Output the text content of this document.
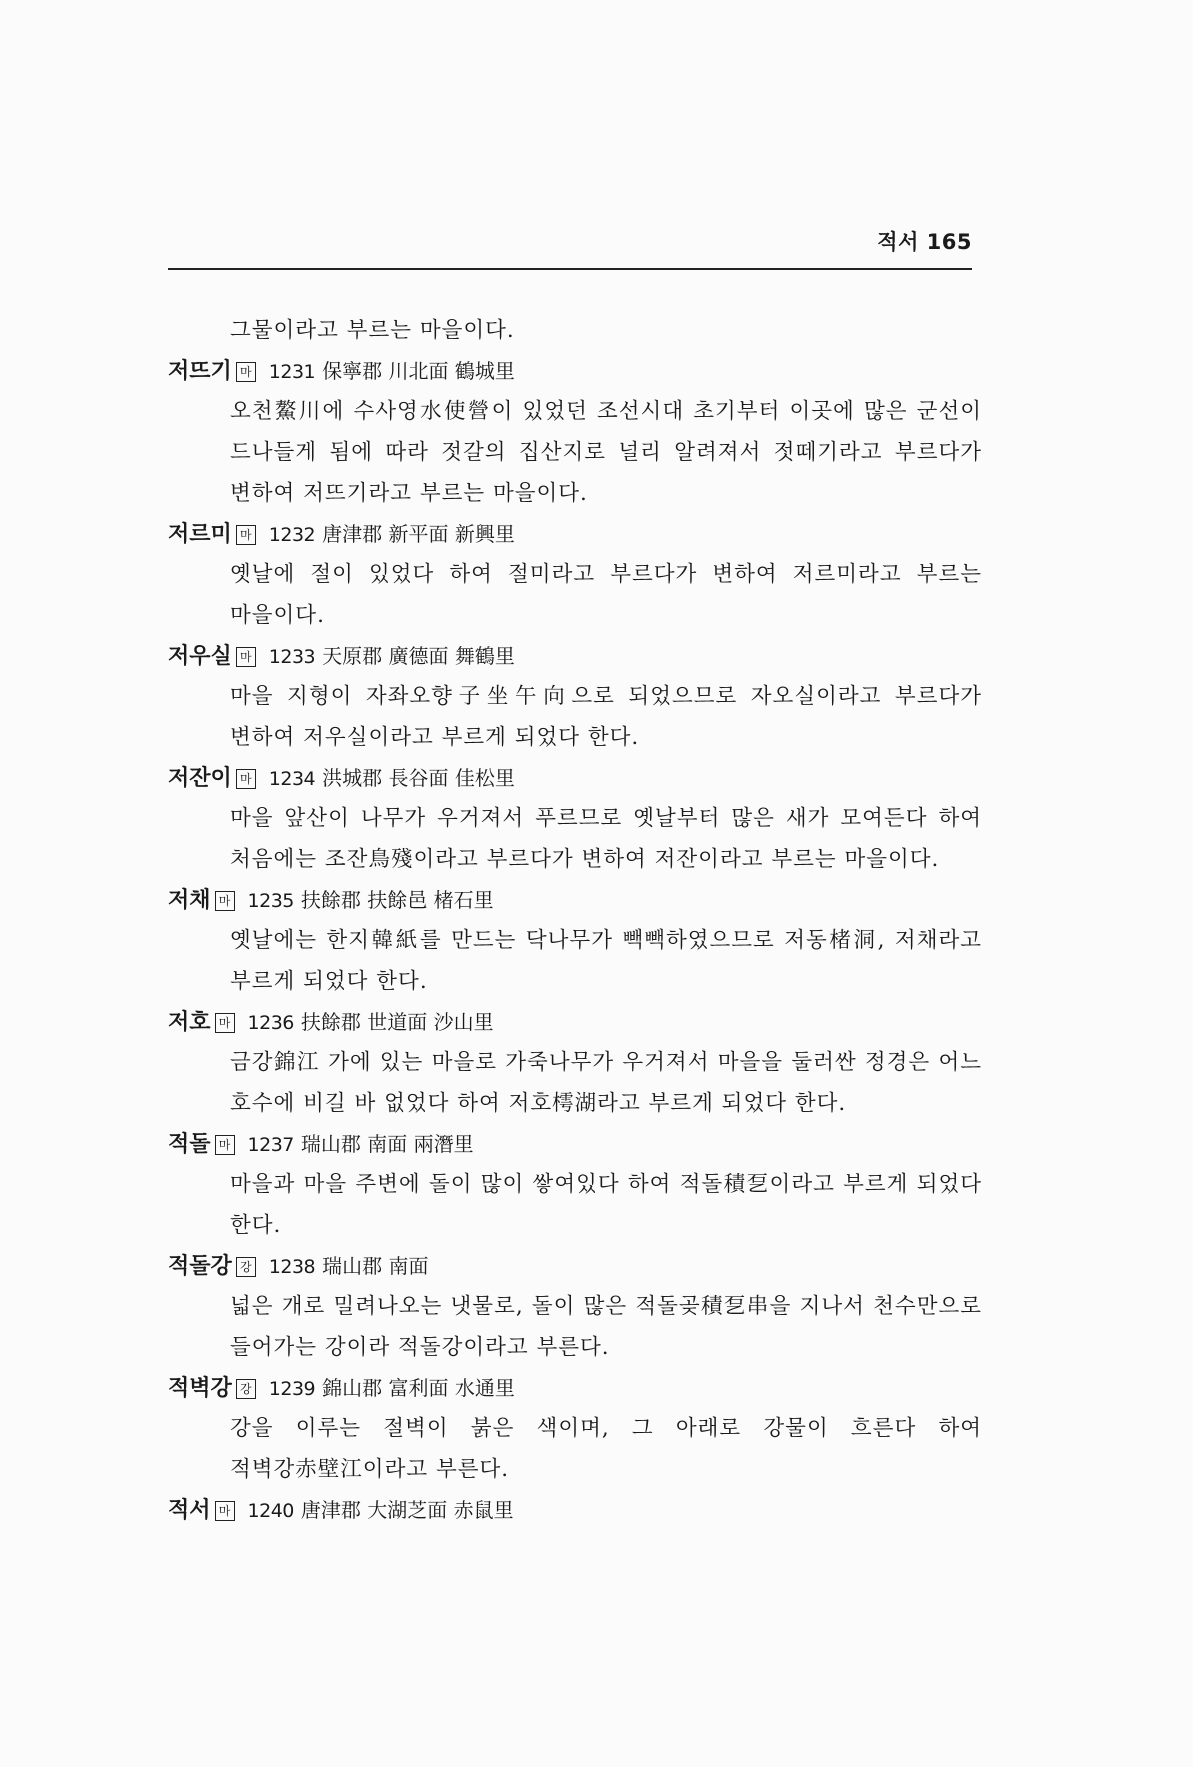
적서 165

그물이라고 부르는 마을이다.

저뜨기 마 1231 保寧郡 川北面 鶴城里

오천鰲川에 수사영水使營이 있었던 조선시대 초기부터 이곳에 많은 군선이 드나들게 됨에 따라 젓갈의 집산지로 널리 알려져서 젓떼기라고 부르다가 변하여 저뜨기라고 부르는 마을이다.

저르미 마 1232 唐津郡 新平面 新興里

옛날에 절이 있었다 하여 절미라고 부르다가 변하여 저르미라고 부르는 마을이다.

저우실 마 1233 天原郡 廣德面 舞鶴里

마을 지형이 자좌오향子坐午向으로 되었으므로 자오실이라고 부르다가 변하여 저우실이라고 부르게 되었다 한다.

저잔이 마 1234 洪城郡 長谷面 佳松里

마을 앞산이 나무가 우거져서 푸르므로 옛날부터 많은 새가 모여든다 하여 처음에는 조잔鳥殘이라고 부르다가 변하여 저잔이라고 부르는 마을이다.

저채 마 1235 扶餘郡 扶餘邑 楮石里

옛날에는 한지韓紙를 만드는 닥나무가 빽빽하였으므로 저동楮洞, 저채라고 부르게 되었다 한다.

저호 마 1236 扶餘郡 世道面 沙山里

금강錦江 가에 있는 마을로 가죽나무가 우거져서 마을을 둘러싼 정경은 어느 호수에 비길 바 없었다 하여 저호樗湖라고 부르게 되었다 한다.

적돌 마 1237 瑞山郡 南面 兩潛里

마을과 마을 주변에 돌이 많이 쌓여있다 하여 적돌積乭이라고 부르게 되었다 한다.

적돌강 강 1238 瑞山郡 南面

넓은 개로 밀려나오는 냇물로, 돌이 많은 적돌곶積乭串을 지나서 천수만으로 들어가는 강이라 적돌강이라고 부른다.

적벽강 강 1239 錦山郡 富利面 水通里

강을 이루는 절벽이 붉은 색이며, 그 아래로 강물이 흐른다 하여 적벽강赤壁江이라고 부른다.

적서 마 1240 唐津郡 大湖芝面 赤鼠里
